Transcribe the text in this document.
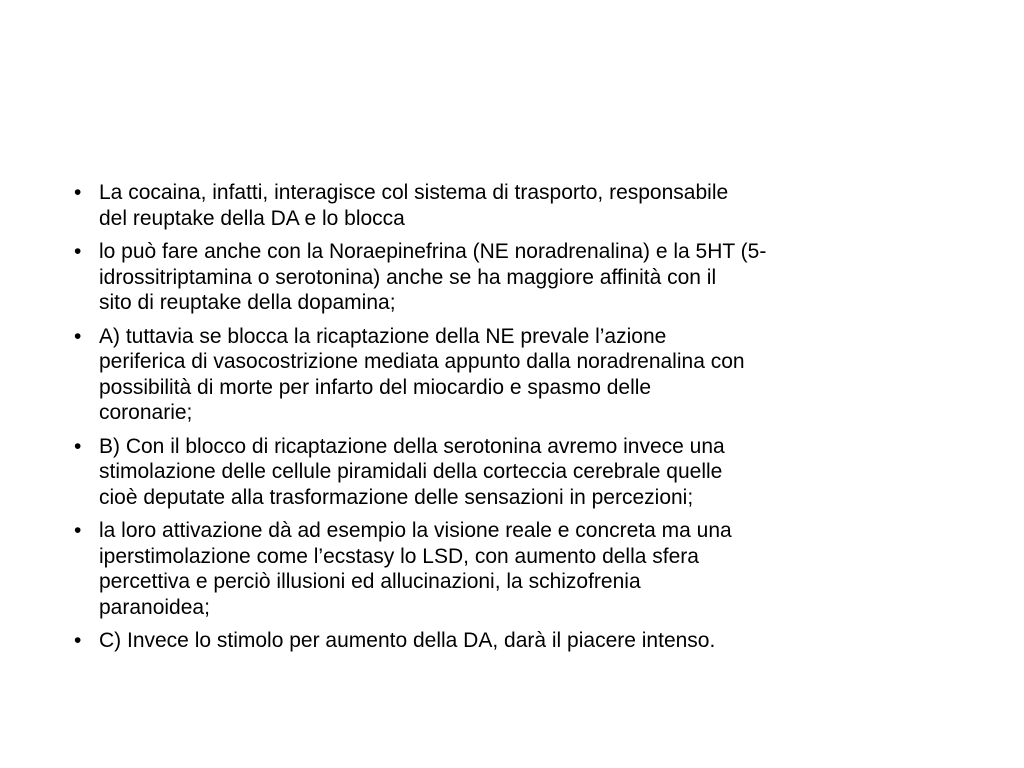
• La cocaina, infatti, interagisce col sistema di trasporto, responsabile
del reuptake della DA e lo blocca
• lo può fare anche con la Noraepinefrina (NE noradrenalina) e la 5HT (5-
idrossitriptamina o serotonina) anche se ha maggiore affinità con il
sito di reuptake della dopamina;
• A) tuttavia se blocca la ricaptazione della NE prevale l’azione
periferica di vasocostrizione mediata appunto dalla noradrenalina con
possibilità di morte per infarto del miocardio e spasmo delle
coronarie;
• B) Con il blocco di ricaptazione della serotonina avremo invece una
stimolazione delle cellule piramidali della corteccia cerebrale quelle
cioè deputate alla trasformazione delle sensazioni in percezioni;
• la loro attivazione dà ad esempio la visione reale e concreta ma una
iperstimolazione come l’ecstasy lo LSD, con aumento della sfera
percettiva e perciò illusioni ed allucinazioni, la schizofrenia
paranoidea;
• C) Invece lo stimolo per aumento della DA, darà il piacere intenso.
